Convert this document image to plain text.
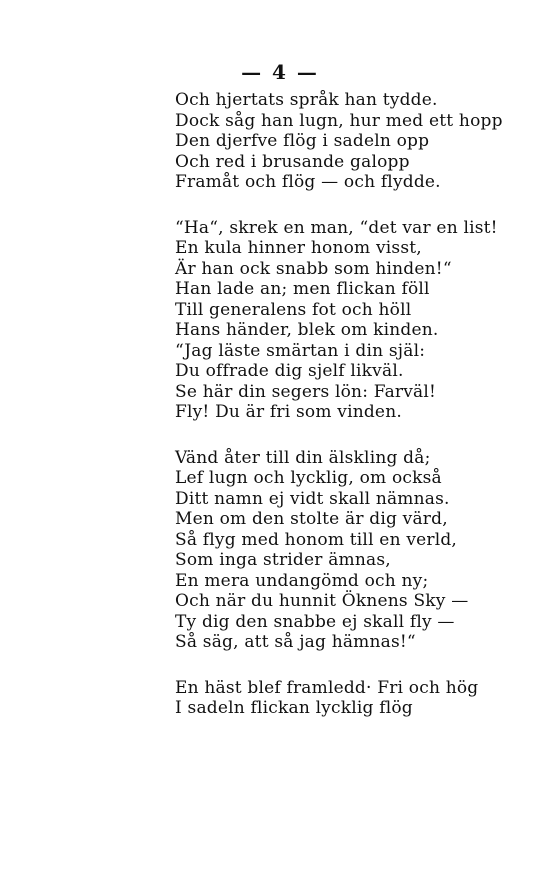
— 4 —
Och hjertats språk han tydde.
Dock såg han lugn, hur med ett hopp
Den djerfve flög i sadeln opp
Och red i brusande galopp
Framåt och flög — och flydde.
“Ha“, skrek en man, “det var en list!
En kula hinner honom visst,
Är han ock snabb som hinden!“
Han lade an; men flickan föll
Till generalens fot och höll
Hans händer, blek om kinden.
“Jag läste smärtan i din själ:
Du offrade dig sjelf likväl.
Se här din segers lön: Farväl!
Fly! Du är fri som vinden.
Vänd åter till din älskling då;
Lef lugn och lycklig, om också
Ditt namn ej vidt skall nämnas.
Men om den stolte är dig värd,
Så flyg med honom till en verld,
Som inga strider ämnas,
En mera undangömd och ny;
Och när du hunnit Öknens Sky —
Ty dig den snabbe ej skall fly —
Så säg, att så jag hämnas!“
En häst blef framledd· Fri och hög
I sadeln flickan lycklig flög
